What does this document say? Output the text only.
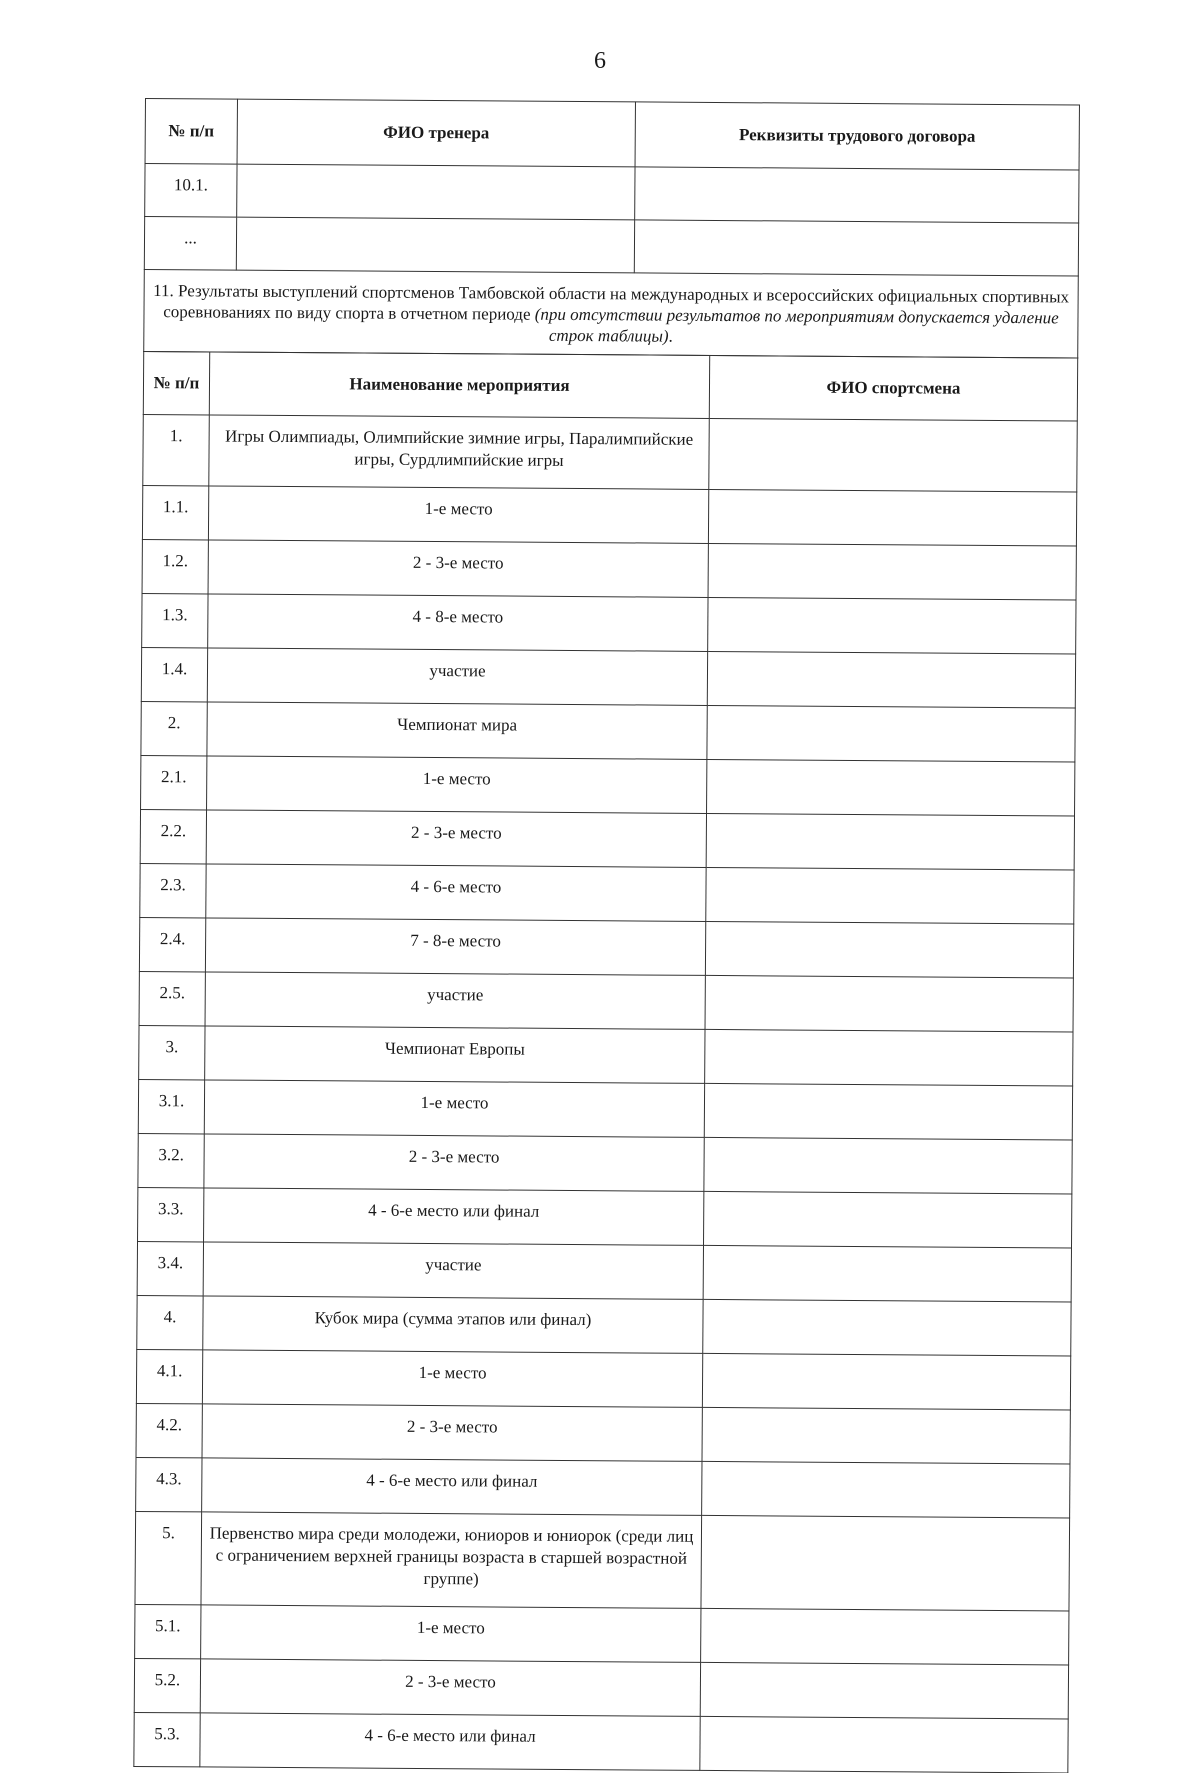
6
№ п/п	ФИО тренера	Реквизиты трудового договора
10.1.		
...		
11. Результаты выступлений спортсменов Тамбовской области на международных и всероссийских официальных спортивных соревнованиях по виду спорта в отчетном периоде (при отсутствии результатов по мероприятиям допускается удаление строк таблицы).		
№ п/п	Наименование мероприятия	ФИО спортсмена
1.	Игры Олимпиады, Олимпийские зимние игры, Паралимпийские игры, Сурдлимпийские игры	
1.1.	1-е место	
1.2.	2 - 3-е место	
1.3.	4 - 8-е место	
1.4.	участие	
2.	Чемпионат мира	
2.1.	1-е место	
2.2.	2 - 3-е место	
2.3.	4 - 6-е место	
2.4.	7 - 8-е место	
2.5.	участие	
3.	Чемпионат Европы	
3.1.	1-е место	
3.2.	2 - 3-е место	
3.3.	4 - 6-е место или финал	
3.4.	участие	
4.	Кубок мира (сумма этапов или финал)	
4.1.	1-е место	
4.2.	2 - 3-е место	
4.3.	4 - 6-е место или финал	
5.	Первенство мира среди молодежи, юниоров и юниорок (среди лиц с ограничением верхней границы возраста в старшей возрастной группе)	
5.1.	1-е место	
5.2.	2 - 3-е место	
5.3.	4 - 6-е место или финал	
